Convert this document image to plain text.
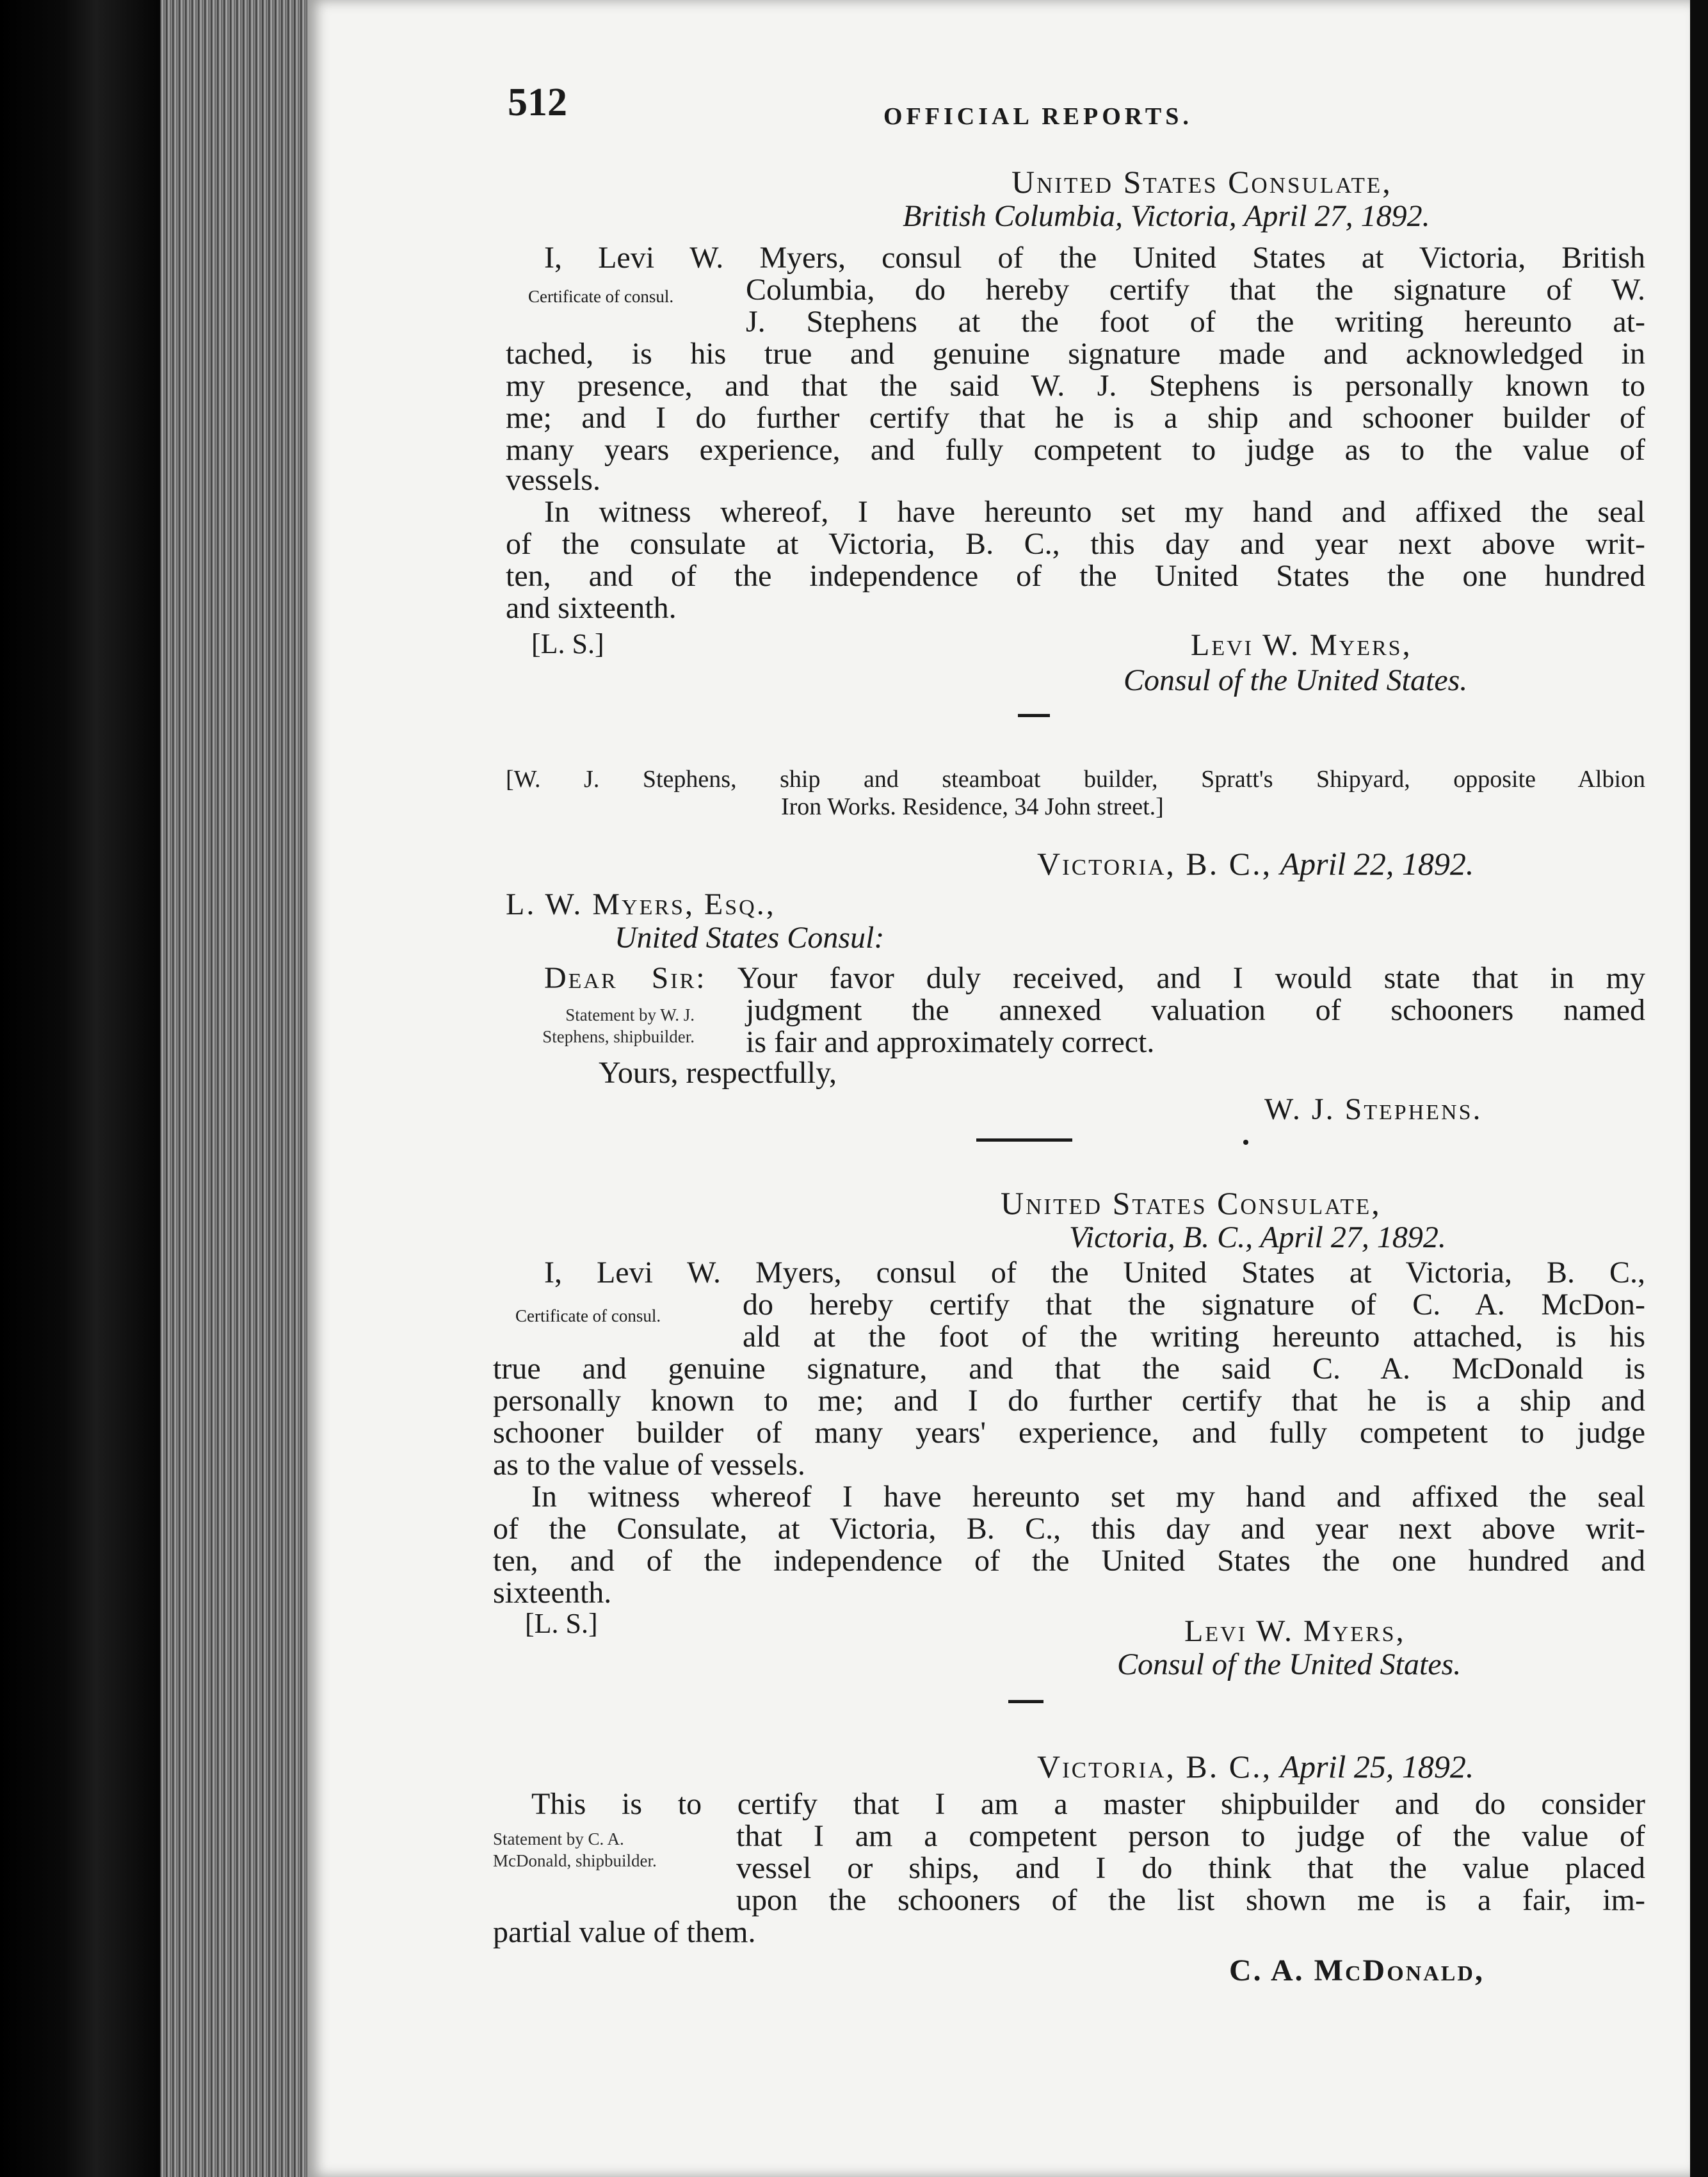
512	OFFICIAL REPORTS.
United States Consulate,
British Columbia, Victoria, April 27, 1892.
Certificate of consul.
I, Levi W. Myers, consul of the United States at Victoria, British
Columbia, do hereby certify that the signature of W.
J. Stephens at the foot of the writing hereunto at-
tached, is his true and genuine signature made and acknowledged in
my presence, and that the said W. J. Stephens is personally known to
me; and I do further certify that he is a ship and schooner builder of
many years experience, and fully competent to judge as to the value of
vessels.
In witness whereof, I have hereunto set my hand and affixed the seal
of the consulate at Victoria, B. C., this day and year next above writ-
ten, and of the independence of the United States the one hundred
and sixteenth.
[L. S.]	Levi W. Myers,
Consul of the United States.
[W. J. Stephens, ship and steamboat builder, Spratt's Shipyard, opposite Albion
Iron Works. Residence, 34 John street.]
Victoria, B. C., April 22, 1892.
L. W. Myers, Esq.,
United States Consul:
Statement by W. J. Stephens, shipbuilder.
Dear Sir: Your favor duly received, and I would state that in my
judgment the annexed valuation of schooners named
is fair and approximately correct.
Yours, respectfully,
W. J. Stephens.
United States Consulate,
Victoria, B. C., April 27, 1892.
Certificate of consul.
I, Levi W. Myers, consul of the United States at Victoria, B. C.,
do hereby certify that the signature of C. A. McDon-
ald at the foot of the writing hereunto attached, is his
true and genuine signature, and that the said C. A. McDonald is
personally known to me; and I do further certify that he is a ship and
schooner builder of many years' experience, and fully competent to judge
as to the value of vessels.
In witness whereof I have hereunto set my hand and affixed the seal
of the Consulate, at Victoria, B. C., this day and year next above writ-
ten, and of the independence of the United States the one hundred and
sixteenth.
[L. S.]	Levi W. Myers,
Consul of the United States.
Victoria, B. C., April 25, 1892.
Statement by C. A. McDonald, shipbuilder.
This is to certify that I am a master shipbuilder and do consider
that I am a competent person to judge of the value of
vessel or ships, and I do think that the value placed
upon the schooners of the list shown me is a fair, im-
partial value of them.
C. A. McDonald,
